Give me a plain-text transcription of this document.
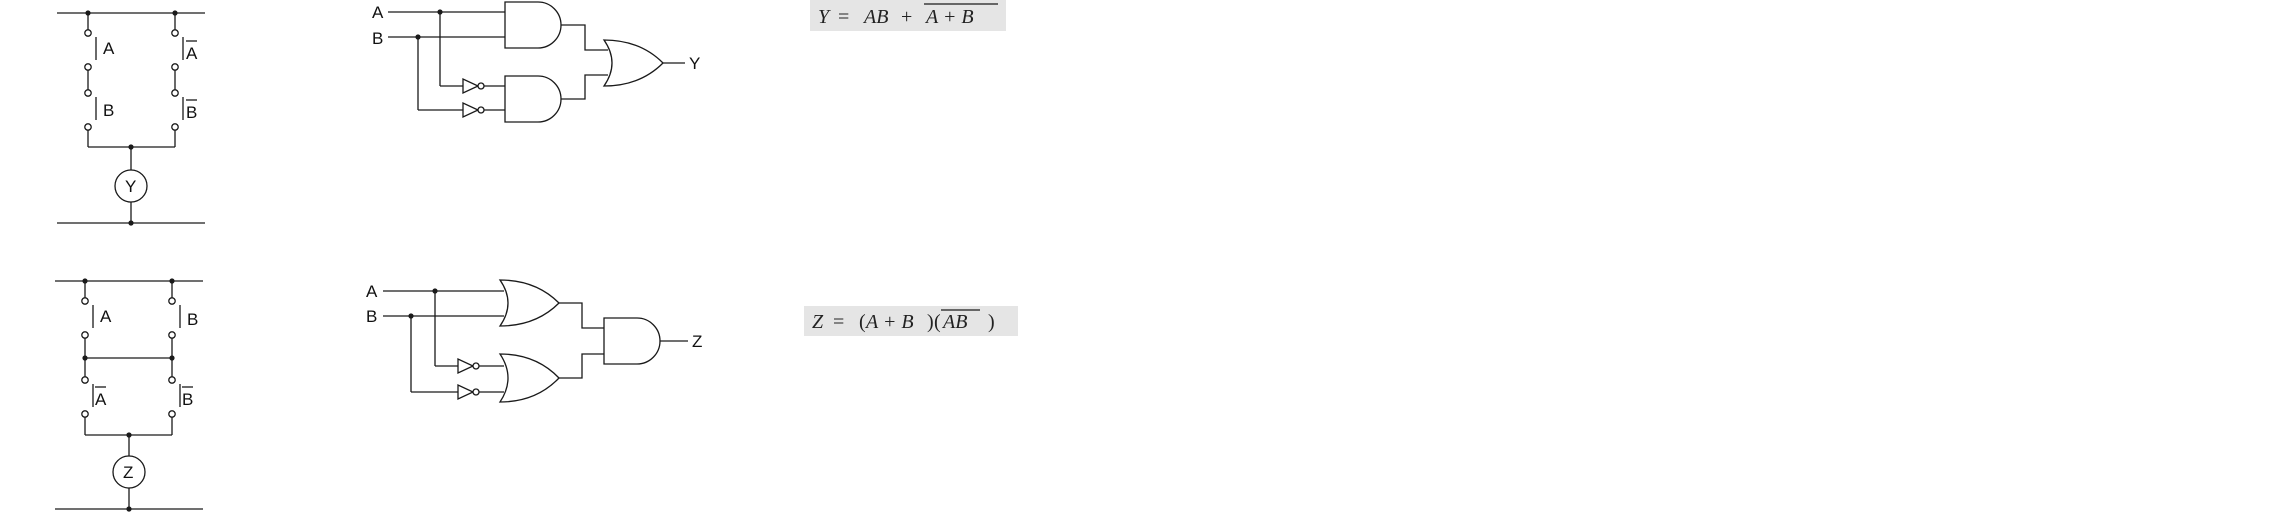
A
B
A
B
Y
A
B
Y
Y = AB + A + B
A	B
A	B
Z
A
B
Z
Z = ( A + B ) ( AB )
